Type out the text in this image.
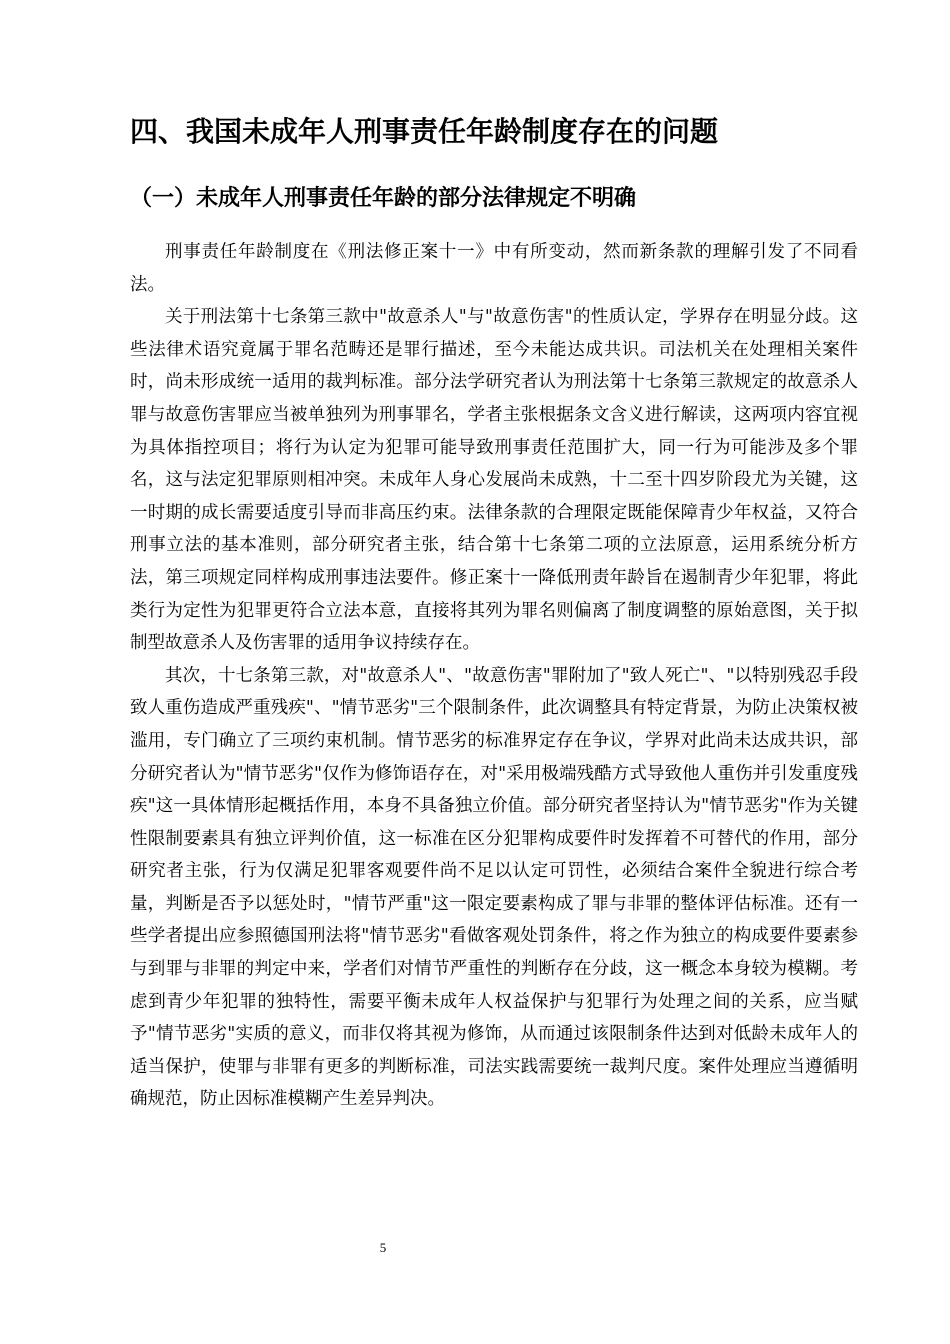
四、我国未成年人刑事责任年龄制度存在的问题
（一）未成年人刑事责任年龄的部分法律规定不明确

刑事责任年龄制度在《刑法修正案十一》中有所变动，然而新条款的理解引发了不同看法。

关于刑法第十七条第三款中"故意杀人"与"故意伤害"的性质认定，学界存在明显分歧。这些法律术语究竟属于罪名范畴还是罪行描述，至今未能达成共识。司法机关在处理相关案件时，尚未形成统一适用的裁判标准。部分法学研究者认为刑法第十七条第三款规定的故意杀人罪与故意伤害罪应当被单独列为刑事罪名，学者主张根据条文含义进行解读，这两项内容宜视为具体指控项目；将行为认定为犯罪可能导致刑事责任范围扩大，同一行为可能涉及多个罪名，这与法定犯罪原则相冲突。未成年人身心发展尚未成熟，十二至十四岁阶段尤为关键，这一时期的成长需要适度引导而非高压约束。法律条款的合理限定既能保障青少年权益，又符合刑事立法的基本准则，部分研究者主张，结合第十七条第二项的立法原意，运用系统分析方法，第三项规定同样构成刑事违法要件。修正案十一降低刑责年龄旨在遏制青少年犯罪，将此类行为定性为犯罪更符合立法本意，直接将其列为罪名则偏离了制度调整的原始意图，关于拟制型故意杀人及伤害罪的适用争议持续存在。

其次，十七条第三款，对"故意杀人"、"故意伤害"罪附加了"致人死亡"、"以特别残忍手段致人重伤造成严重残疾"、"情节恶劣"三个限制条件，此次调整具有特定背景，为防止决策权被滥用，专门确立了三项约束机制。情节恶劣的标准界定存在争议，学界对此尚未达成共识，部分研究者认为"情节恶劣"仅作为修饰语存在，对"采用极端残酷方式导致他人重伤并引发重度残疾"这一具体情形起概括作用，本身不具备独立价值。部分研究者坚持认为"情节恶劣"作为关键性限制要素具有独立评判价值，这一标准在区分犯罪构成要件时发挥着不可替代的作用，部分研究者主张，行为仅满足犯罪客观要件尚不足以认定可罚性，必须结合案件全貌进行综合考量，判断是否予以惩处时，"情节严重"这一限定要素构成了罪与非罪的整体评估标准。还有一些学者提出应参照德国刑法将"情节恶劣"看做客观处罚条件，将之作为独立的构成要件要素参与到罪与非罪的判定中来，学者们对情节严重性的判断存在分歧，这一概念本身较为模糊。考虑到青少年犯罪的独特性，需要平衡未成年人权益保护与犯罪行为处理之间的关系，应当赋予"情节恶劣"实质的意义，而非仅将其视为修饰，从而通过该限制条件达到对低龄未成年人的适当保护，使罪与非罪有更多的判断标准，司法实践需要统一裁判尺度。案件处理应当遵循明确规范，防止因标准模糊产生差异判决。

5
